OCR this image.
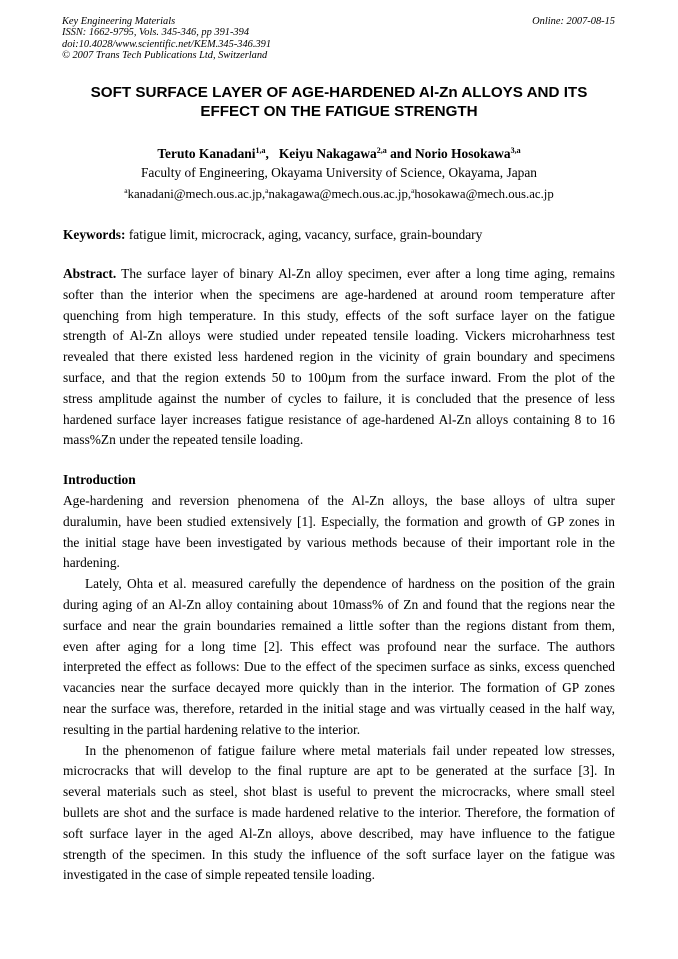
Key Engineering Materials
ISSN: 1662-9795, Vols. 345-346, pp 391-394
doi:10.4028/www.scientific.net/KEM.345-346.391
© 2007 Trans Tech Publications Ltd, Switzerland
Online: 2007-08-15
SOFT SURFACE LAYER OF AGE-HARDENED Al-Zn ALLOYS AND ITS
EFFECT ON THE FATIGUE STRENGTH
Teruto Kanadani$^{1,a}$,   Keiyu Nakagawa$^{2,a}$ and Norio Hosokawa$^{3,a}$
Faculty of Engineering, Okayama University of Science, Okayama, Japan
$^a$kanadani@mech.ous.ac.jp,$^a$nakagawa@mech.ous.ac.jp,$^a$hosokawa@mech.ous.ac.jp
Keywords: fatigue limit, microcrack, aging, vacancy, surface, grain-boundary
Abstract. The surface layer of binary Al-Zn alloy specimen, ever after a long time aging, remains
softer than the interior when the specimens are age-hardened at around room temperature after
quenching from high temperature. In this study, effects of the soft surface layer on the fatigue
strength of Al-Zn alloys were studied under repeated tensile loading. Vickers microharhness test
revealed that there existed less hardened region in the vicinity of grain boundary and specimens
surface, and that the region extends 50 to 100µm from the surface inward. From the plot of the
stress amplitude against the number of cycles to failure, it is concluded that the presence of less
hardened surface layer increases fatigue resistance of age-hardened Al-Zn alloys containing 8 to 16
mass%Zn under the repeated tensile loading.
Introduction
Age-hardening and reversion phenomena of the Al-Zn alloys, the base alloys of ultra super
duralumin, have been studied extensively [1]. Especially, the formation and growth of GP zones in
the initial stage have been investigated by various methods because of their important role in the
hardening.
Lately, Ohta et al. measured carefully the dependence of hardness on the position of the grain
during aging of an Al-Zn alloy containing about 10mass% of Zn and found that the regions near the
surface and near the grain boundaries remained a little softer than the regions distant from them,
even after aging for a long time [2]. This effect was profound near the surface. The authors
interpreted the effect as follows: Due to the effect of the specimen surface as sinks, excess quenched
vacancies near the surface decayed more quickly than in the interior. The formation of GP zones
near the surface was, therefore, retarded in the initial stage and was virtually ceased in the half way,
resulting in the partial hardening relative to the interior.
In the phenomenon of fatigue failure where metal materials fail under repeated low stresses,
microcracks that will develop to the final rupture are apt to be generated at the surface [3]. In
several materials such as steel, shot blast is useful to prevent the microcracks, where small steel
bullets are shot and the surface is made hardened relative to the interior. Therefore, the formation of
soft surface layer in the aged Al-Zn alloys, above described, may have influence to the fatigue
strength of the specimen. In this study the influence of the soft surface layer on the fatigue was
investigated in the case of simple repeated tensile loading.
